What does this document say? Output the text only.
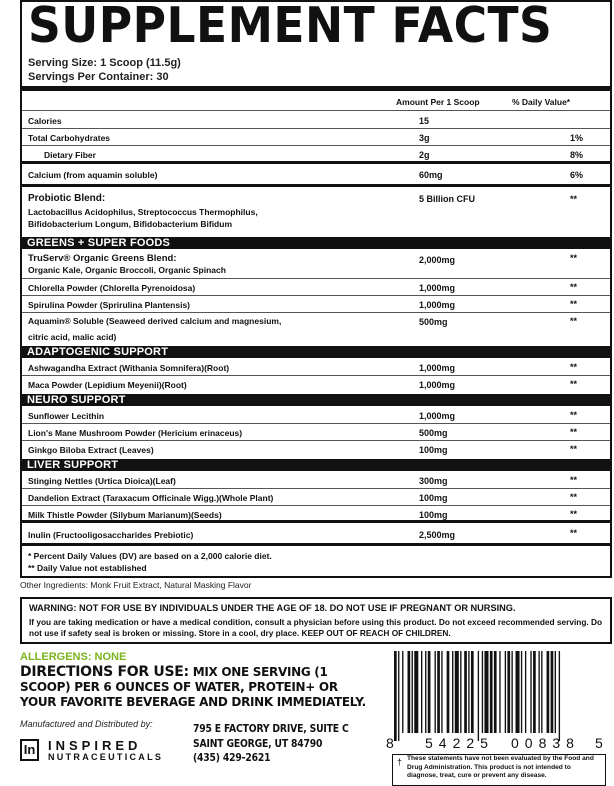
SUPPLEMENT FACTS
Serving Size: 1 Scoop (11.5g)
Servings Per Container: 30
Amount Per 1 Scoop	% Daily Value*
Calories	15
Total Carbohydrates	3g	1%
Dietary Fiber	2g	8%
Calcium (from aquamin soluble)	60mg	6%
Probiotic Blend:
Lactobacillus Acidophilus, Streptococcus Thermophilus,
Bifidobacterium Longum, Bifidobacterium Bifidum
5 Billion CFU	**
GREENS + SUPER FOODS
TruServ® Organic Greens Blend:
Organic Kale, Organic Broccoli, Organic Spinach
2,000mg	**
Chlorella Powder (Chlorella Pyrenoidosa)	1,000mg	**
Spirulina Powder (Sprirulina Plantensis)	1,000mg	**
Aquamin® Soluble (Seaweed derived calcium and magnesium,
citric acid, malic acid)
500mg	**
ADAPTOGENIC SUPPORT
Ashwagandha Extract (Withania Somnifera)(Root)	1,000mg	**
Maca Powder (Lepidium Meyenii)(Root)	1,000mg	**
NEURO SUPPORT
Sunflower Lecithin	1,000mg	**
Lion's Mane Mushroom Powder (Hericium erinaceus)	500mg	**
Ginkgo Biloba Extract (Leaves)	100mg	**
LIVER SUPPORT
Stinging Nettles (Urtica Dioica)(Leaf)	300mg	**
Dandelion Extract (Taraxacum Officinale Wigg.)(Whole Plant)	100mg	**
Milk Thistle Powder (Silybum Marianum)(Seeds)	100mg	**
Inulin (Fructooligosaccharides Prebiotic)	2,500mg	**
* Percent Daily Values (DV) are based on a 2,000 calorie diet.
** Daily Value not established
Other Ingredients: Monk Fruit Extract, Natural Masking Flavor
WARNING: NOT FOR USE BY INDIVIDUALS UNDER THE AGE OF 18. DO NOT USE IF PREGNANT OR NURSING.
If you are taking medication or have a medical condition, consult a physician before using this product. Do not exceed recommended serving. Do not use if safety seal is broken or missing. Store in a cool, dry place. KEEP OUT OF REACH OF CHILDREN.
ALLERGENS: NONE
DIRECTIONS FOR USE: MIX ONE SERVING (1 SCOOP) PER 6 OUNCES OF WATER, PROTEIN+ OR YOUR FAVORITE BEVERAGE AND DRINK IMMEDIATELY.
Manufactured and Distributed by:
In INSPIRED
NUTRACEUTICALS
795 E FACTORY DRIVE, SUITE C
SAINT GEORGE, UT 84790
(435) 429-2621
8 54225 00838 5
† These statements have not been evaluated by the Food and Drug Administration. This product is not intended to diagnose, treat, cure or prevent any disease.
